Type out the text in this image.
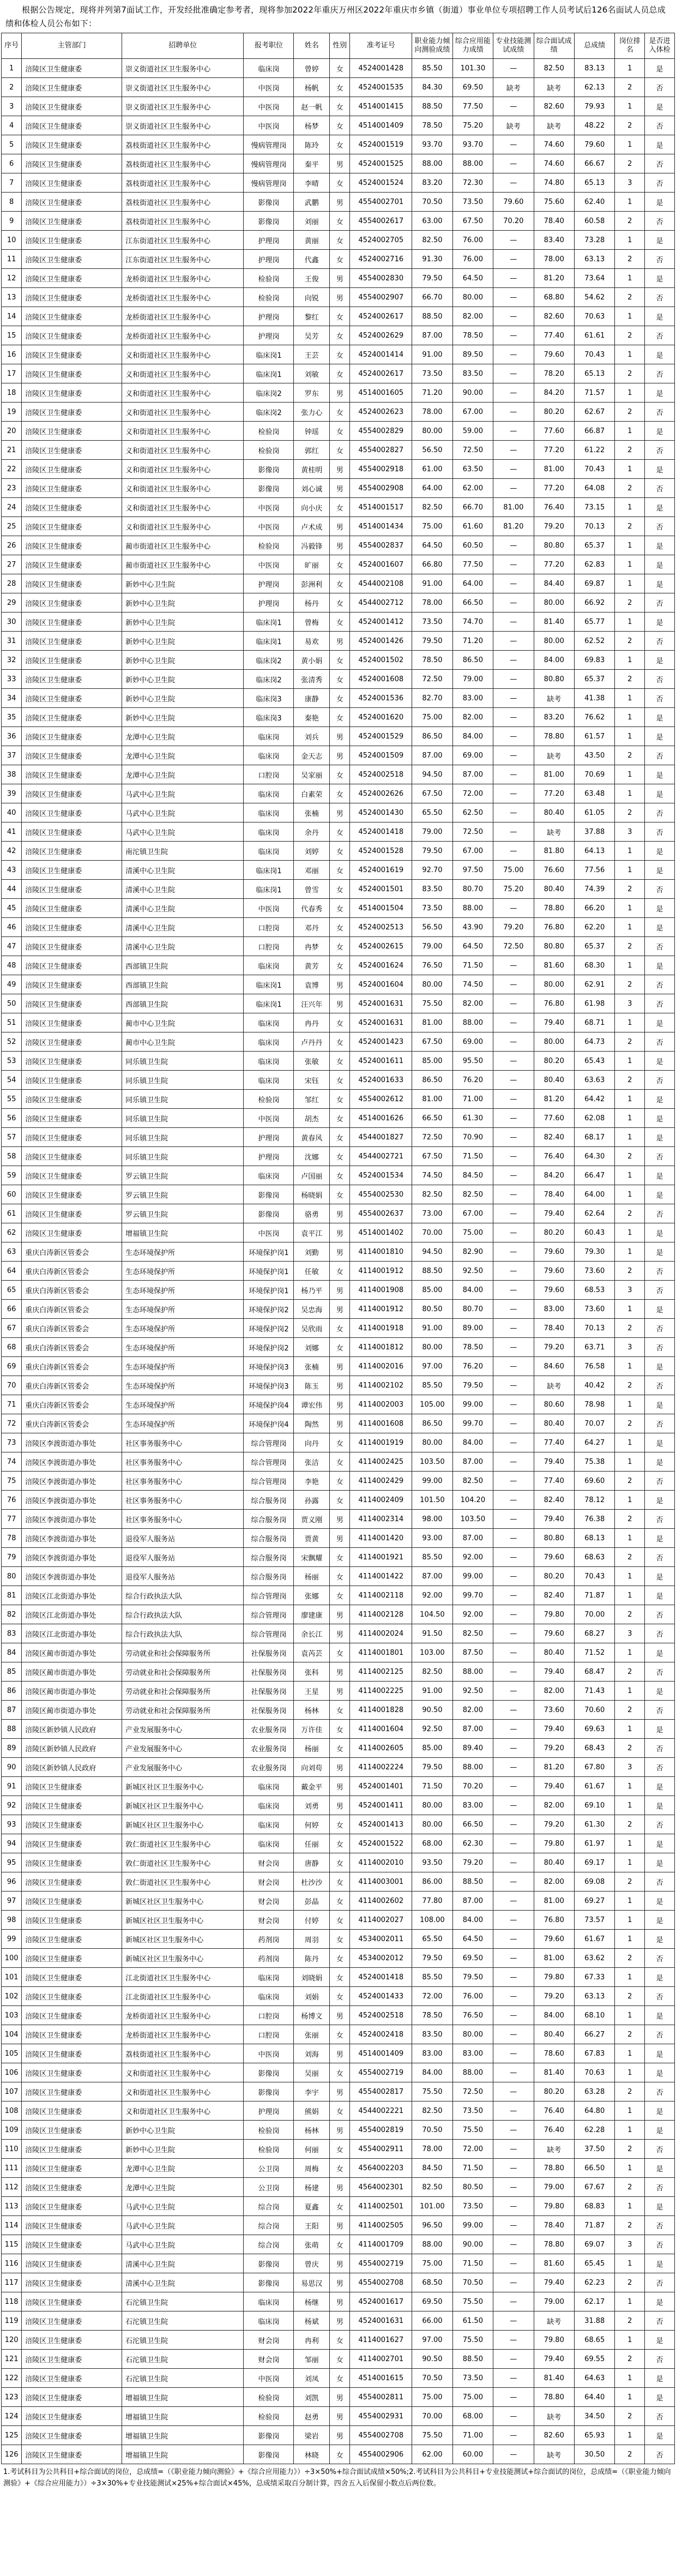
根据公告规定，现将并列第7面试工作，开发经批准确定参考者，现将参加2022年重庆万州区2022年重庆市乡镇（街道）事业单位专项招聘工作人员考试后126名面试人员总成绩和体检人员公布如下：

序号	主管部门	招聘单位	报考职位	姓名	性别	准考证号	职业能力倾向测验成绩	综合应用能力成绩	专业技能测试成绩	综合面试成绩	总成绩	岗位排名	是否进入体检
1	涪陵区卫生健康委	崇义街道社区卫生服务中心	临床岗	曾婷	女	4524001428	85.50	101.30	—	82.50	83.13	1	是
2	涪陵区卫生健康委	崇义街道社区卫生服务中心	中医岗	杨帆	女	4524001535	84.30	69.50	缺考	缺考	62.13	2	否
3	涪陵区卫生健康委	崇义街道社区卫生服务中心	中医岗	赵一帆	女	4514001415	88.50	77.50	—	82.60	79.93	1	是
4	涪陵区卫生健康委	崇义街道社区卫生服务中心	中医岗	杨梦	女	4514001409	78.50	75.20	缺考	缺考	48.22	2	否
5	涪陵区卫生健康委	荔枝街道社区卫生服务中心	慢病管理岗	陈玲	女	4524001519	93.70	93.70	—	74.60	79.60	1	是
6	涪陵区卫生健康委	荔枝街道社区卫生服务中心	慢病管理岗	秦平	男	4524001525	88.00	88.00	—	74.60	66.67	2	否
7	涪陵区卫生健康委	荔枝街道社区卫生服务中心	慢病管理岗	李晴	女	4524001524	83.20	72.30	—	74.80	65.13	3	否
8	涪陵区卫生健康委	荔枝街道社区卫生服务中心	影像岗	武鹏	男	4554002701	70.50	73.50	79.60	75.60	62.40	1	是
9	涪陵区卫生健康委	荔枝街道社区卫生服务中心	影像岗	刘丽	女	4554002617	63.00	67.50	70.20	78.40	60.58	2	否
10	涪陵区卫生健康委	江东街道社区卫生服务中心	护理岗	黄丽	女	4524002705	82.50	76.00	—	83.40	73.28	1	是
11	涪陵区卫生健康委	江东街道社区卫生服务中心	护理岗	代鑫	女	4524002716	91.30	76.00	—	78.00	63.13	2	否
12	涪陵区卫生健康委	龙桥街道社区卫生服务中心	检验岗	王俊	男	4554002830	79.50	64.50	—	81.20	73.64	1	是
13	涪陵区卫生健康委	龙桥街道社区卫生服务中心	检验岗	向锐	男	4554002907	66.70	80.00	—	68.80	54.62	2	否
14	涪陵区卫生健康委	龙桥街道社区卫生服务中心	护理岗	黎红	女	4524002617	88.50	82.00	—	82.60	70.63	1	是
15	涪陵区卫生健康委	龙桥街道社区卫生服务中心	护理岗	吴芳	女	4524002629	87.00	78.50	—	77.40	61.61	2	否
16	涪陵区卫生健康委	义和街道社区卫生服务中心	临床岗1	王芸	女	4524001414	91.00	89.50	—	79.60	70.43	1	是
17	涪陵区卫生健康委	义和街道社区卫生服务中心	临床岗1	刘敏	女	4524002617	73.50	83.50	—	78.20	65.13	2	否
18	涪陵区卫生健康委	义和街道社区卫生服务中心	临床岗2	罗东	男	4514001605	71.20	90.00	—	84.20	71.57	1	是
19	涪陵区卫生健康委	义和街道社区卫生服务中心	临床岗2	张力心	女	4524002623	78.00	67.00	—	80.20	62.67	2	否
20	涪陵区卫生健康委	义和街道社区卫生服务中心	检验岗	钟瑶	女	4554002829	80.00	59.00	—	77.60	66.87	1	是
21	涪陵区卫生健康委	义和街道社区卫生服务中心	检验岗	郭红	女	4554002827	56.50	72.50	—	77.20	61.22	2	否
22	涪陵区卫生健康委	义和街道社区卫生服务中心	影像岗	黄桂明	男	4554002918	61.00	63.50	—	81.00	70.43	1	是
23	涪陵区卫生健康委	义和街道社区卫生服务中心	影像岗	刘心诚	男	4554002908	64.00	62.00	—	77.20	64.08	2	否
24	涪陵区卫生健康委	义和街道社区卫生服务中心	中医岗	向小庆	女	4514001517	82.50	66.70	81.00	76.40	73.15	1	是
25	涪陵区卫生健康委	义和街道社区卫生服务中心	中医岗	卢术成	男	4514001434	75.00	61.60	81.20	79.20	70.13	2	否
26	涪陵区卫生健康委	蔺市街道社区卫生服务中心	检验岗	冯毅锋	男	4554002837	64.50	60.50	—	80.80	65.37	1	是
27	涪陵区卫生健康委	蔺市街道社区卫生服务中心	中医岗	旷丽	女	4524001607	66.80	77.50	—	77.20	62.83	1	是
28	涪陵区卫生健康委	新妙中心卫生院	护理岗	彭洲利	女	4544002108	91.00	64.00	—	84.40	69.87	1	是
29	涪陵区卫生健康委	新妙中心卫生院	护理岗	杨丹	女	4544002712	78.00	66.50	—	80.00	66.92	2	否
30	涪陵区卫生健康委	新妙中心卫生院	临床岗1	曾梅	女	4524001412	73.50	74.70	—	81.40	65.77	1	是
31	涪陵区卫生健康委	新妙中心卫生院	临床岗1	易欢	男	4524001426	79.50	71.20	—	80.00	62.52	2	否
32	涪陵区卫生健康委	新妙中心卫生院	临床岗2	黄小娟	女	4524001502	78.50	86.50	—	84.00	69.83	1	是
33	涪陵区卫生健康委	新妙中心卫生院	临床岗2	张清秀	女	4524001608	72.50	79.00	—	80.80	65.37	2	否
34	涪陵区卫生健康委	新妙中心卫生院	临床岗3	康静	女	4524001536	82.70	83.00	—	缺考	41.38	1	否
35	涪陵区卫生健康委	新妙中心卫生院	临床岗3	秦艳	女	4524001620	75.00	82.00	—	83.20	76.62	1	是
36	涪陵区卫生健康委	龙潭中心卫生院	临床岗	刘兵	男	4524001529	86.50	84.00	—	78.80	61.57	1	是
37	涪陵区卫生健康委	龙潭中心卫生院	临床岗	金天志	男	4524001509	87.00	69.00	—	缺考	43.50	2	否
38	涪陵区卫生健康委	龙潭中心卫生院	口腔岗	吴家丽	女	4524002518	94.50	87.00	—	81.00	70.69	1	是
39	涪陵区卫生健康委	马武中心卫生院	临床岗	白素荣	女	4524002626	67.50	72.00	—	77.20	63.48	1	是
40	涪陵区卫生健康委	马武中心卫生院	临床岗	张楠	男	4524001430	65.50	62.50	—	80.40	61.05	2	否
41	涪陵区卫生健康委	马武中心卫生院	临床岗	余丹	女	4524001418	79.00	72.50	—	缺考	37.88	3	否
42	涪陵区卫生健康委	南沱镇卫生院	临床岗	刘婷	女	4524001528	79.50	67.00	—	81.80	64.13	1	是
43	涪陵区卫生健康委	清溪中心卫生院	临床岗1	邓丽	女	4524001619	92.70	97.50	75.00	76.60	77.56	1	是
44	涪陵区卫生健康委	清溪中心卫生院	临床岗1	曾雪	女	4524001501	83.50	80.70	75.20	80.40	74.39	2	否
45	涪陵区卫生健康委	清溪中心卫生院	中医岗	代春秀	女	4514001504	73.50	88.00	—	78.80	66.20	1	是
46	涪陵区卫生健康委	清溪中心卫生院	口腔岗	邓丹	女	4524002513	56.50	43.90	79.20	76.80	62.20	1	是
47	涪陵区卫生健康委	清溪中心卫生院	口腔岗	冉梦	女	4524002615	79.00	64.50	72.50	80.80	65.37	2	否
48	涪陵区卫生健康委	西部镇卫生院	临床岗	黄芳	女	4524001624	76.50	71.50	—	81.60	68.30	1	是
49	涪陵区卫生健康委	西部镇卫生院	临床岗1	袁博	男	4524001604	80.00	74.50	—	80.00	62.91	2	否
50	涪陵区卫生健康委	西部镇卫生院	临床岗1	汪兴年	男	4524001631	75.50	82.00	—	76.80	61.98	3	否
51	涪陵区卫生健康委	蔺市中心卫生院	临床岗	冉丹	女	4524001631	81.00	88.00	—	79.40	68.71	1	是
52	涪陵区卫生健康委	蔺市中心卫生院	临床岗	卢丹丹	女	4524001423	67.50	69.00	—	80.00	64.73	2	否
53	涪陵区卫生健康委	同乐镇卫生院	临床岗	张敏	女	4524001611	85.00	95.50	—	80.20	65.43	1	是
54	涪陵区卫生健康委	同乐镇卫生院	临床岗	宋钰	女	4524001633	86.50	76.20	—	80.40	63.63	2	否
55	涪陵区卫生健康委	同乐镇卫生院	检验岗	邹红	女	4554002612	81.00	71.00	—	81.20	64.42	1	是
56	涪陵区卫生健康委	同乐镇卫生院	中医岗	胡杰	女	4514001626	66.50	61.30	—	77.60	62.08	1	是
57	涪陵区卫生健康委	同乐镇卫生院	护理岗	黄春风	女	4544001827	72.50	70.90	—	82.40	68.17	1	是
58	涪陵区卫生健康委	同乐镇卫生院	护理岗	沈娜	女	4544002721	67.50	71.50	—	76.40	64.30	2	否
59	涪陵区卫生健康委	罗云镇卫生院	临床岗	卢国丽	女	4524001534	74.50	84.50	—	84.20	66.47	1	是
60	涪陵区卫生健康委	罗云镇卫生院	影像岗	杨晓娟	女	4554002530	82.50	82.50	—	78.40	64.00	1	是
61	涪陵区卫生健康委	罗云镇卫生院	影像岗	骆勇	男	4554002637	73.00	67.00	—	79.40	62.64	2	否
62	涪陵区卫生健康委	增福镇卫生院	中医岗	袁平江	男	4514001402	70.00	75.00	—	80.20	60.43	1	是
63	重庆白涛新区管委会	生态环境保护所	环境保护岗1	刘勤	男	4114001810	94.50	82.90	—	79.60	79.30	1	是
64	重庆白涛新区管委会	生态环境保护所	环境保护岗1	任敏	女	4114001912	88.50	92.50	—	79.60	73.60	2	否
65	重庆白涛新区管委会	生态环境保护所	环境保护岗1	杨乃平	男	4114001908	85.00	84.00	—	79.60	68.53	3	否
66	重庆白涛新区管委会	生态环境保护所	环境保护岗2	吴忠海	男	4114001912	80.50	80.70	—	83.00	73.60	1	是
67	重庆白涛新区管委会	生态环境保护所	环境保护岗2	吴欣雨	女	4114001918	91.00	89.00	—	78.40	70.13	2	否
68	重庆白涛新区管委会	生态环境保护所	环境保护岗2	刘娜	女	4114001812	80.00	78.50	—	79.20	63.71	3	否
69	重庆白涛新区管委会	生态环境保护所	环境保护岗3	张楠	男	4114002016	97.00	76.20	—	84.60	76.58	1	是
70	重庆白涛新区管委会	生态环境保护所	环境保护岗3	陈玉	男	4114002102	85.50	79.50	—	缺考	40.42	2	否
71	重庆白涛新区管委会	生态环境保护所	环境保护岗4	谭宏伟	男	4114002003	105.00	99.00	—	80.60	78.98	1	是
72	重庆白涛新区管委会	生态环境保护所	环境保护岗4	陶然	男	4114001608	86.50	99.70	—	80.40	70.07	2	否
73	涪陵区李渡街道办事处	社区事务服务中心	综合管理岗	向丹	女	4114001919	80.00	84.00	—	77.40	64.27	1	是
74	涪陵区李渡街道办事处	社区事务服务中心	综合管理岗	张洁	女	4114002425	103.50	87.00	—	79.40	75.38	1	是
75	涪陵区李渡街道办事处	社区事务服务中心	综合管理岗	李艳	女	4114002429	99.00	82.50	—	77.40	69.60	2	否
76	涪陵区李渡街道办事处	社区事务服务中心	综合服务岗	孙露	女	4114002409	101.50	104.20	—	82.40	78.12	1	是
77	涪陵区李渡街道办事处	社区事务服务中心	综合服务岗	贾义刚	男	4114002314	98.00	103.50	—	79.40	76.38	2	否
78	涪陵区李渡街道办事处	退役军人服务站	综合服务岗	贾黄	男	4114001420	93.00	87.00	—	80.80	68.13	1	是
79	涪陵区李渡街道办事处	退役军人服务站	综合服务岗	宋飘耀	女	4114001921	85.50	92.00	—	79.60	68.63	2	否
80	涪陵区李渡街道办事处	退役军人服务站	综合服务岗	杨丽	女	4114001422	87.00	99.00	—	80.20	70.43	1	是
81	涪陵区江北街道办事处	综合行政执法大队	综合管理岗	张娜	女	4114002118	92.00	99.70	—	82.40	71.87	1	是
82	涪陵区江北街道办事处	综合行政执法大队	综合管理岗	廖建康	男	4114002128	104.50	92.00	—	79.80	70.00	2	否
83	涪陵区江北街道办事处	综合行政执法大队	综合管理岗	余长江	男	4114002024	91.50	82.50	—	79.60	68.27	3	否
84	涪陵区蔺市街道办事处	劳动就业和社会保障服务所	社保服务岗	袁芮芸	女	4114001801	103.00	87.50	—	80.40	71.52	1	是
85	涪陵区蔺市街道办事处	劳动就业和社会保障服务所	社保服务岗	张科	男	4114002125	82.50	88.00	—	79.40	68.47	2	否
86	涪陵区蔺市街道办事处	劳动就业和社会保障服务所	社保服务岗	王星	男	4114002225	91.00	92.50	—	82.00	71.43	1	是
87	涪陵区蔺市街道办事处	劳动就业和社会保障服务所	社保服务岗	杨林	女	4114001828	90.50	82.00	—	73.60	70.60	2	否
88	涪陵区新妙镇人民政府	产业发展服务中心	农业服务岗	万许佳	女	4114001604	92.50	87.00	—	79.40	69.63	1	是
89	涪陵区新妙镇人民政府	产业发展服务中心	农业服务岗	杨丽	女	4114002605	85.00	89.40	—	79.20	68.43	2	否
90	涪陵区新妙镇人民政府	产业发展服务中心	农业服务岗	向刘苟	男	4114002224	79.50	88.00	—	81.20	67.80	3	否
91	涪陵区卫生健康委	新城区社区卫生服务中心	临床岗	戴金平	男	4524001401	71.50	70.20	—	79.40	61.67	1	是
92	涪陵区卫生健康委	新城区社区卫生服务中心	临床岗	刘勇	男	4524001411	80.00	83.00	—	82.00	69.10	1	是
93	涪陵区卫生健康委	新城区社区卫生服务中心	临床岗	何婷	女	4524001413	80.00	66.50	—	79.20	61.30	2	否
94	涪陵区卫生健康委	敦仁街道社区卫生服务中心	临床岗	任丽	女	4524001522	68.00	62.30	—	79.80	61.97	1	是
95	涪陵区卫生健康委	敦仁街道社区卫生服务中心	财会岗	唐静	女	4114002010	93.50	79.20	—	80.40	69.17	1	是
96	涪陵区卫生健康委	敦仁街道社区卫生服务中心	财会岗	杜沙沙	女	4114003001	86.00	88.50	—	82.00	69.08	2	否
97	涪陵区卫生健康委	新城区社区卫生服务中心	财会岗	彭晶	女	4114002602	77.80	87.00	—	81.00	69.27	1	是
98	涪陵区卫生健康委	新城区社区卫生服务中心	财会岗	付婷	女	4114002027	108.00	84.00	—	76.80	73.57	1	是
99	涪陵区卫生健康委	新城区社区卫生服务中心	药剂岗	周羽	女	4534002011	65.50	64.50	—	79.60	61.67	1	是
100	涪陵区卫生健康委	新城区社区卫生服务中心	药剂岗	陈丹	女	4534002012	79.50	69.50	—	81.00	63.62	2	否
101	涪陵区卫生健康委	江北街道社区卫生服务中心	临床岗	刘晓娟	女	4524001418	85.50	79.50	—	79.80	67.33	1	是
102	涪陵区卫生健康委	江北街道社区卫生服务中心	临床岗	刘娟	女	4524001433	72.00	76.00	—	79.20	63.13	2	否
103	涪陵区卫生健康委	龙桥街道社区卫生服务中心	口腔岗	杨博文	男	4524002518	78.50	76.50	—	84.00	68.10	1	是
104	涪陵区卫生健康委	龙桥街道社区卫生服务中心	口腔岗	张丽	女	4524002418	83.50	80.00	—	80.40	66.27	2	否
105	涪陵区卫生健康委	荔枝街道社区卫生服务中心	中医岗	刘海	男	4514001409	83.00	83.00	—	78.60	67.83	1	是
106	涪陵区卫生健康委	义和街道社区卫生服务中心	影像岗	吴丽	女	4554002719	84.00	88.00	—	81.40	70.63	1	是
107	涪陵区卫生健康委	义和街道社区卫生服务中心	影像岗	李宇	男	4554002817	75.50	72.50	—	80.20	63.28	2	否
108	涪陵区卫生健康委	义和街道社区卫生服务中心	护理岗	熊娟	女	4544002221	82.50	73.50	—	76.40	64.80	1	是
109	涪陵区卫生健康委	新妙中心卫生院	检验岗	杨林	男	4554002819	70.50	75.50	—	76.40	62.28	1	是
110	涪陵区卫生健康委	新妙中心卫生院	检验岗	何丽	女	4554002911	78.00	72.00	—	缺考	37.50	2	否
111	涪陵区卫生健康委	龙潭中心卫生院	公卫岗	周梅	女	4564002203	84.50	71.50	—	78.80	66.50	1	是
112	涪陵区卫生健康委	龙潭中心卫生院	公卫岗	杨建	男	4564002301	82.50	80.50	—	79.00	67.67	2	否
113	涪陵区卫生健康委	马武中心卫生院	综合岗	夏鑫	女	4114002501	101.00	73.50	—	79.80	68.83	1	是
114	涪陵区卫生健康委	马武中心卫生院	综合岗	王阳	男	4114002505	96.50	99.00	—	78.40	71.87	2	否
115	涪陵区卫生健康委	马武中心卫生院	综合岗	张萌	女	4114001709	88.00	90.00	—	78.80	69.07	3	否
116	涪陵区卫生健康委	清溪中心卫生院	影像岗	曾庆	男	4554002719	75.00	71.50	—	81.60	65.45	1	是
117	涪陵区卫生健康委	清溪中心卫生院	影像岗	易思汉	男	4554002708	68.50	70.50	—	79.40	62.23	2	否
118	涪陵区卫生健康委	石沱镇卫生院	临床岗	杨继	男	4524001617	69.50	75.50	—	79.00	62.17	1	是
119	涪陵区卫生健康委	石沱镇卫生院	临床岗	杨斌	男	4524001631	66.00	61.50	—	缺考	31.88	2	否
120	涪陵区卫生健康委	石沱镇卫生院	财会岗	冉利	女	4114001627	97.00	75.50	—	79.80	68.65	1	是
121	涪陵区卫生健康委	石沱镇卫生院	财会岗	邹丽	女	4114002701	90.50	88.50	—	79.40	69.55	2	否
122	涪陵区卫生健康委	石沱镇卫生院	中医岗	刘凤	女	4514001615	70.50	73.50	—	81.40	64.63	1	是
123	涪陵区卫生健康委	增福镇卫生院	检验岗	刘凯	男	4554002811	75.00	75.00	—	78.80	64.40	1	是
124	涪陵区卫生健康委	增福镇卫生院	检验岗	赵勇	男	4554002931	70.00	68.00	—	缺考	34.50	2	否
125	涪陵区卫生健康委	增福镇卫生院	影像岗	梁岩	男	4554002708	75.50	71.00	—	82.60	65.93	1	是
126	涪陵区卫生健康委	增福镇卫生院	影像岗	林晓	女	4554002906	62.00	60.00	—	缺考	30.50	2	否

1.考试科目为公共科目+综合面试的岗位，总成绩=（《职业能力倾向测验》+《综合应用能力》）÷3×50%+综合面试成绩×50%;2.考试科目为公共科目+专业技能测试+综合面试的岗位，总成绩=（《职业能力倾向测验》+《综合应用能力》）÷3×30%+专业技能测试×25%+综合面试×45%，总成绩采取百分制计算，四舍五入后保留小数点后两位数。
